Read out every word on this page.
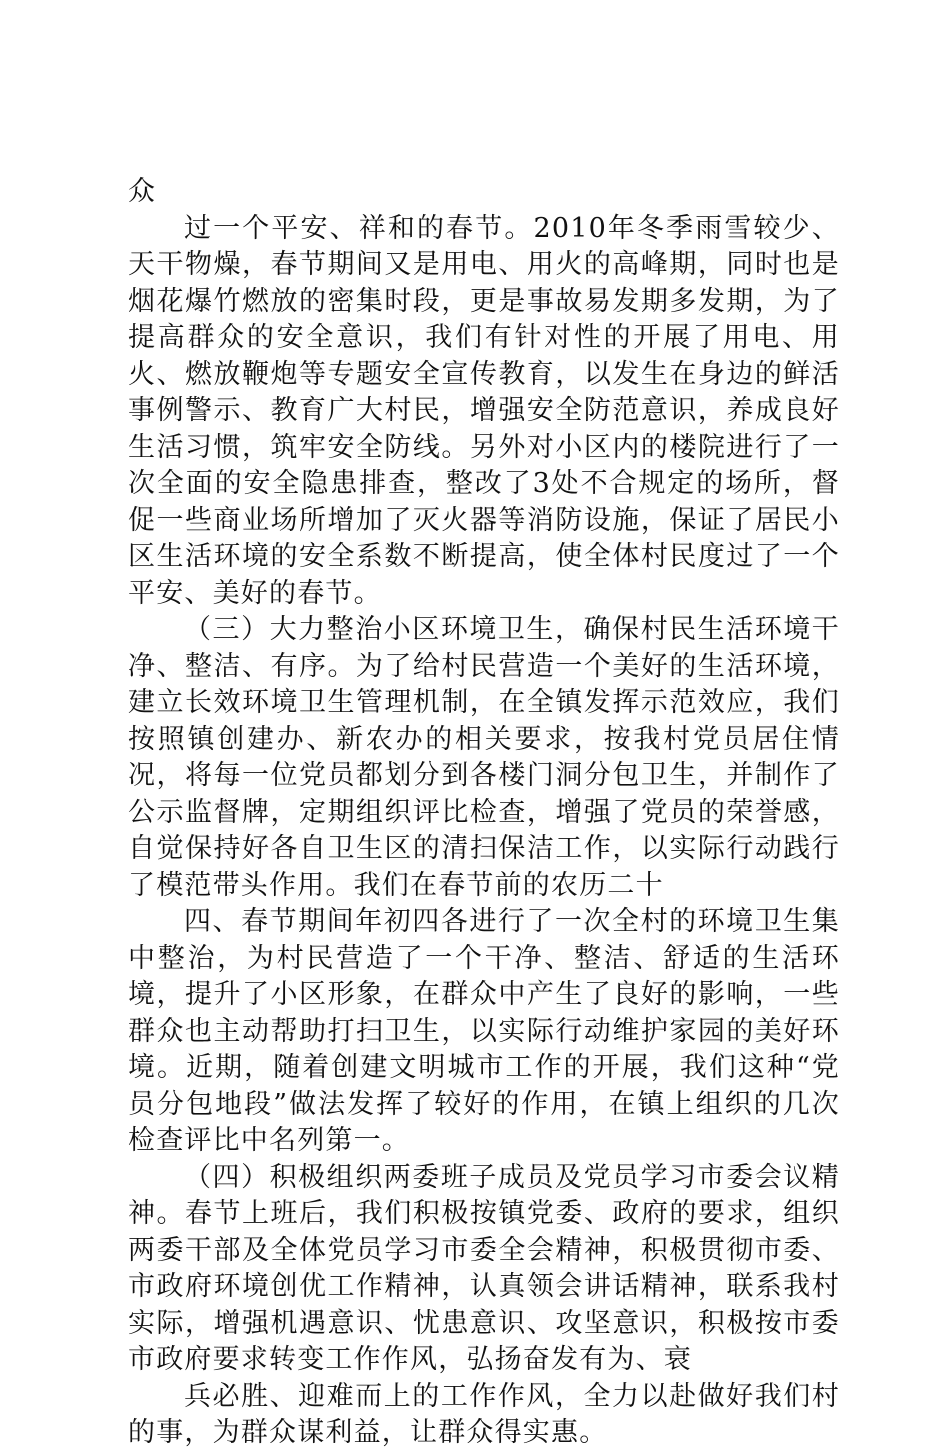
众

过一个平安、祥和的春节。2010年冬季雨雪较少、天干物燥，春节期间又是用电、用火的高峰期，同时也是烟花爆竹燃放的密集时段，更是事故易发期多发期，为了提高群众的安全意识，我们有针对性的开展了用电、用火、燃放鞭炮等专题安全宣传教育，以发生在身边的鲜活事例警示、教育广大村民，增强安全防范意识，养成良好生活习惯，筑牢安全防线。另外对小区内的楼院进行了一次全面的安全隐患排查，整改了3处不合规定的场所，督促一些商业场所增加了灭火器等消防设施，保证了居民小区生活环境的安全系数不断提高，使全体村民度过了一个平安、美好的春节。

（三）大力整治小区环境卫生，确保村民生活环境干净、整洁、有序。为了给村民营造一个美好的生活环境，建立长效环境卫生管理机制，在全镇发挥示范效应，我们按照镇创建办、新农办的相关要求，按我村党员居住情况，将每一位党员都划分到各楼门洞分包卫生，并制作了公示监督牌，定期组织评比检查，增强了党员的荣誉感，自觉保持好各自卫生区的清扫保洁工作，以实际行动践行了模范带头作用。我们在春节前的农历二十

四、春节期间年初四各进行了一次全村的环境卫生集中整治，为村民营造了一个干净、整洁、舒适的生活环境，提升了小区形象，在群众中产生了良好的影响，一些群众也主动帮助打扫卫生，以实际行动维护家园的美好环境。近期，随着创建文明城市工作的开展，我们这种“党员分包地段”做法发挥了较好的作用，在镇上组织的几次检查评比中名列第一。

（四）积极组织两委班子成员及党员学习市委会议精神。春节上班后，我们积极按镇党委、政府的要求，组织两委干部及全体党员学习市委全会精神，积极贯彻市委、市政府环境创优工作精神，认真领会讲话精神，联系我村实际，增强机遇意识、忧患意识、攻坚意识，积极按市委市政府要求转变工作作风，弘扬奋发有为、衰

兵必胜、迎难而上的工作作风，全力以赴做好我们村的事，为群众谋利益，让群众得实惠。
